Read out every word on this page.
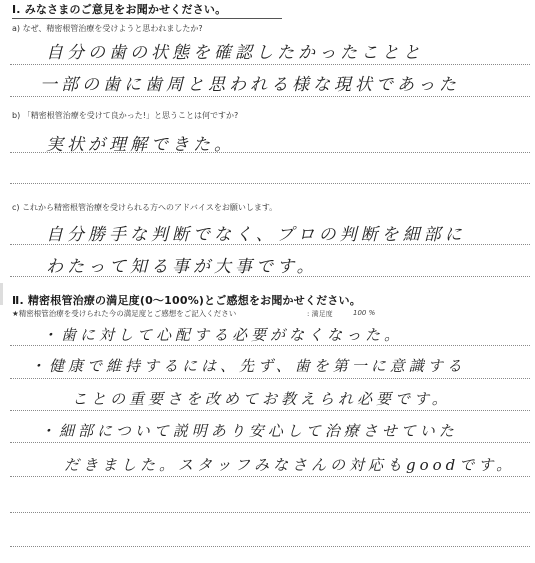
Ⅰ. みなさまのご意見をお聞かせください。
a) なぜ、精密根管治療を受けようと思われましたか?
自分の歯の状態を確認したかったことと
一部の歯に歯周と思われる様な現状であった
b) 「精密根管治療を受けて良かった!」と思うことは何ですか?
実状が理解できた。
c) これから精密根管治療を受けられる方へのアドバイスをお願いします。
自分勝手な判断でなく、プロの判断を細部に
わたって知る事が大事です。
Ⅱ. 精密根管治療の満足度(0〜100%)とご感想をお聞かせください。
★精密根管治療を受けられた今の満足度とご感想をご記入ください	: 満足度	100 %
・歯に対して心配する必要がなくなった。
・健康で維持するには、先ず、歯を第一に意識する
ことの重要さを改めてお教えられ必要です。
・細部について説明あり安心して治療させていた
だきました。スタッフみなさんの対応もgoodです。
